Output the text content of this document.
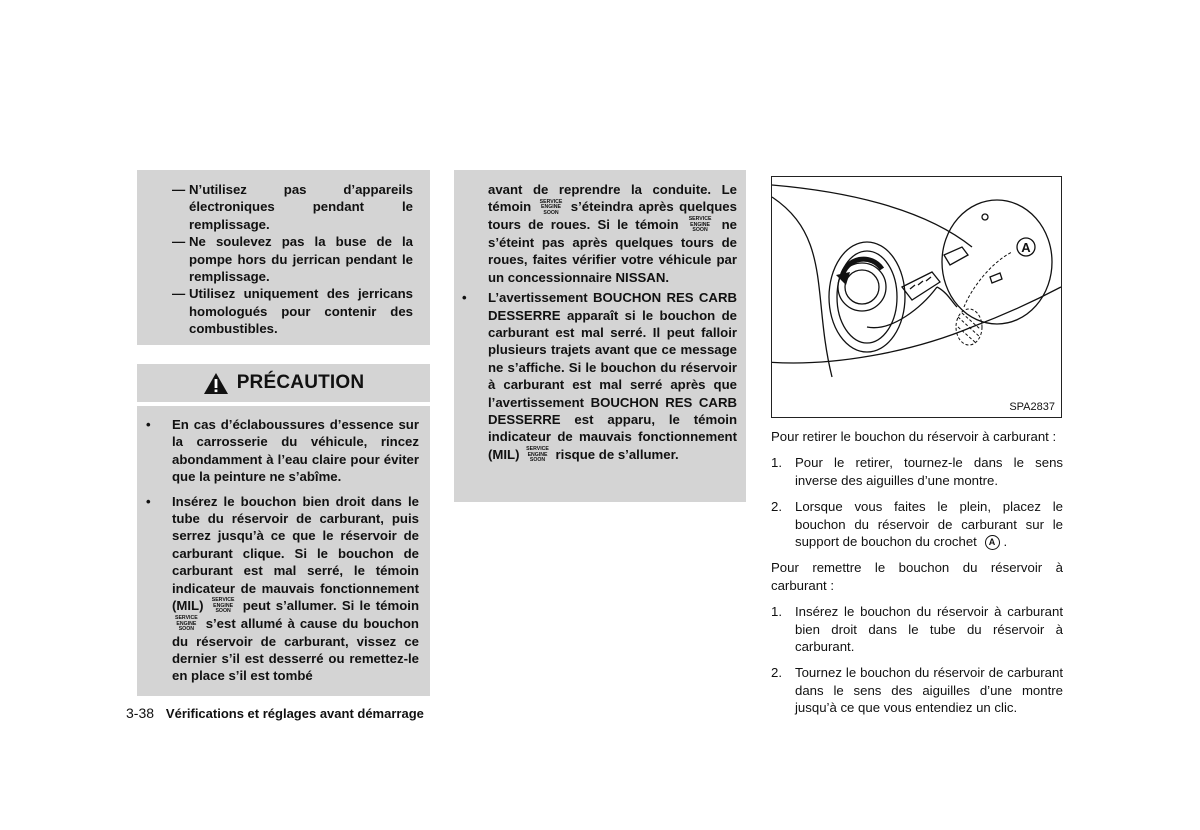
— N’utilisez pas d’appareils électroniques pendant le remplissage.
— Ne soulevez pas la buse de la pompe hors du jerrican pendant le remplissage.
— Utilisez uniquement des jerricans homologués pour contenir des combustibles.
PRÉCAUTION
• En cas d’éclaboussures d’essence sur la carrosserie du véhicule, rincez abondamment à l’eau claire pour éviter que la peinture ne s’abîme.
• Insérez le bouchon bien droit dans le tube du réservoir de carburant, puis serrez jusqu’à ce que le réservoir de carburant clique. Si le bouchon de carburant est mal serré, le témoin indicateur de mauvais fonctionnement (MIL) SERVICE
ENGINE
SOON peut s’allumer. Si le témoin
SERVICE
ENGINE
SOON s’est allumé à cause du bouchon du réservoir de carburant, vissez ce dernier s’il est desserré ou remettez-le en place s’il est tombé
avant de reprendre la conduite. Le témoin SERVICE
ENGINE
SOON s’éteindra après quelques tours de roues. Si le témoin SERVICE
ENGINE
SOON ne s’éteint pas après quelques tours de roues, faites vérifier votre véhicule par un concessionnaire NISSAN.
• L’avertissement BOUCHON RES CARB DESSERRE apparaît si le bouchon de carburant est mal serré. Il peut falloir plusieurs trajets avant que ce message ne s’affiche. Si le bouchon du réservoir à carburant est mal serré après que l’avertissement BOUCHON RES CARB DESSERRE est apparu, le témoin indicateur de mauvais fonctionnement (MIL) SERVICE
ENGINE
SOON risque de s’allumer.
A
SPA2837

Pour retirer le bouchon du réservoir à carburant :

1. Pour le retirer, tournez-le dans le sens inverse des aiguilles d’une montre.
2. Lorsque vous faites le plein, placez le bouchon du réservoir de carburant sur le support de bouchon du crochet A .

Pour remettre le bouchon du réservoir à carburant :

1. Insérez le bouchon du réservoir à carburant bien droit dans le tube du réservoir à carburant.
2. Tournez le bouchon du réservoir de carburant dans le sens des aiguilles d’une montre jusqu’à ce que vous entendiez un clic.
3-38 Vérifications et réglages avant démarrage
